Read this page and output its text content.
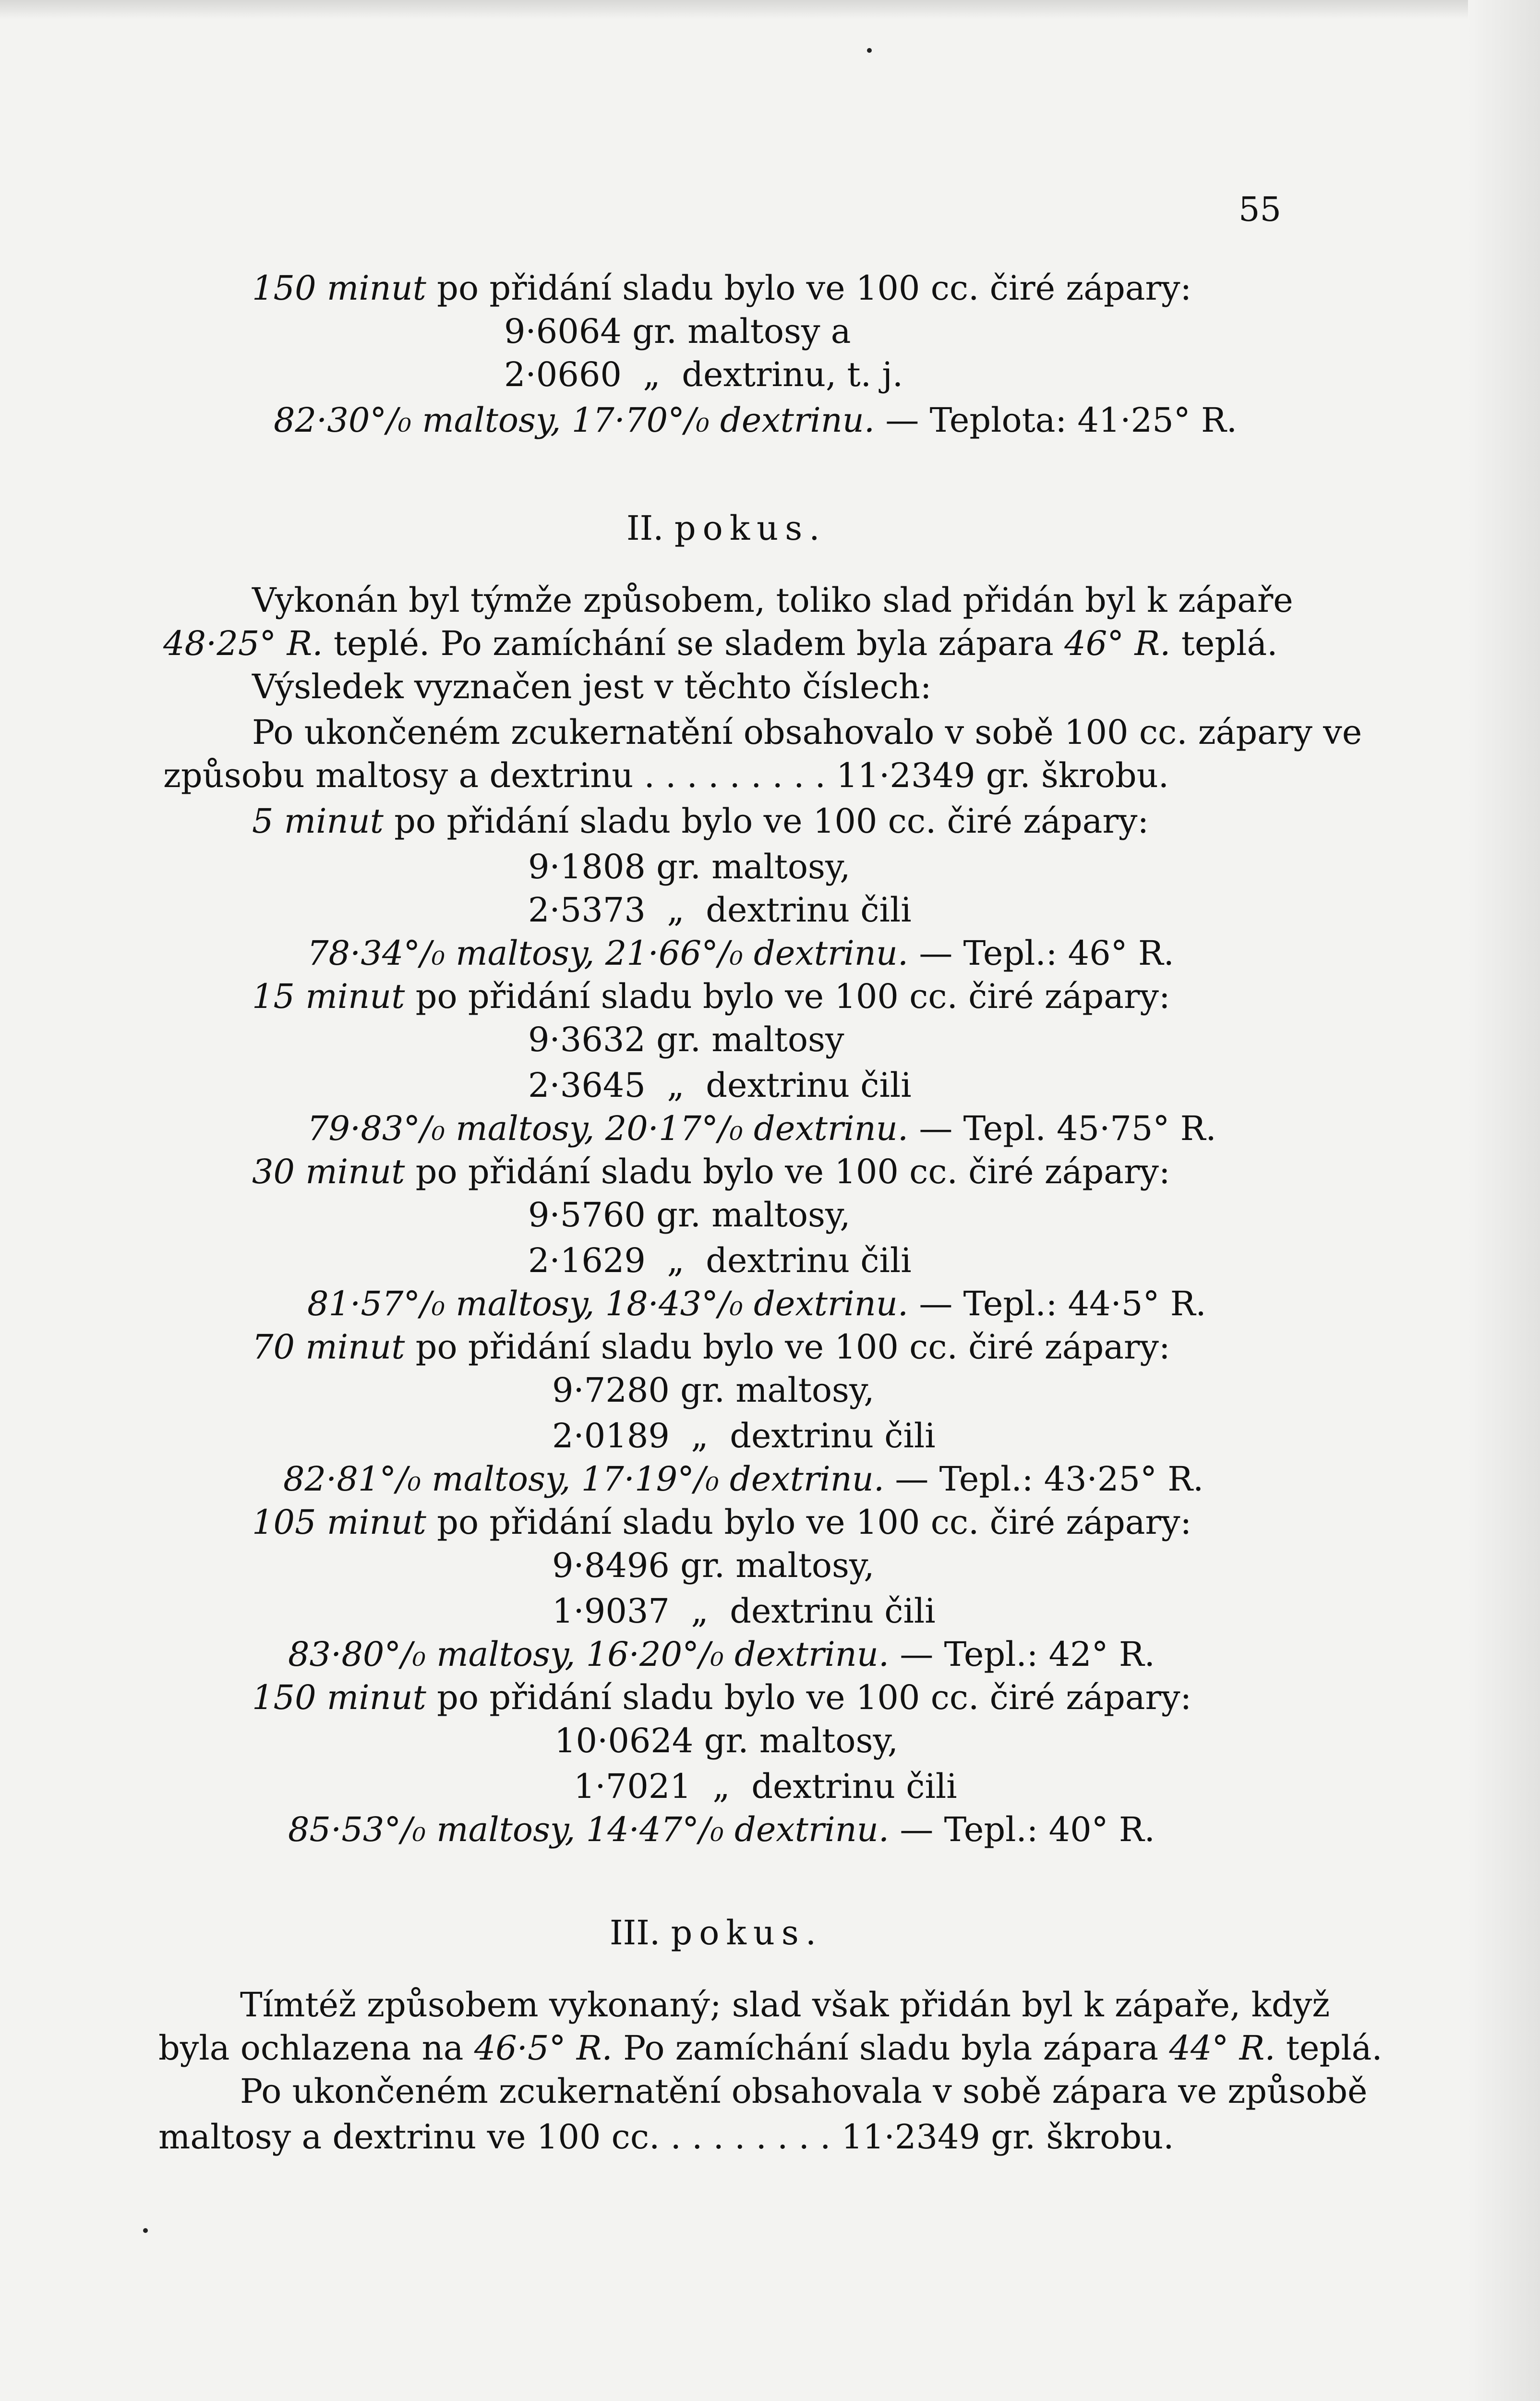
55
150 minut po přidání sladu bylo ve 100 cc. čiré zápary:
9·6064 gr. maltosy a
2·0660  „  dextrinu, t. j.
82·30°/₀ maltosy, 17·70°/₀ dextrinu. — Teplota: 41·25° R.
II. pokus.
Vykonán byl týmže způsobem, toliko slad přidán byl k zápaře
48·25° R. teplé. Po zamíchání se sladem byla zápara 46° R. teplá.
Výsledek vyznačen jest v těchto číslech:
Po ukončeném zcukernatění obsahovalo v sobě 100 cc. zápary ve
způsobu maltosy a dextrinu . . . . . . . . . 11·2349 gr. škrobu.
5 minut po přidání sladu bylo ve 100 cc. čiré zápary:
9·1808 gr. maltosy,
2·5373  „  dextrinu čili
78·34°/₀ maltosy, 21·66°/₀ dextrinu. — Tepl.: 46° R.
15 minut po přidání sladu bylo ve 100 cc. čiré zápary:
9·3632 gr. maltosy
2·3645  „  dextrinu čili
79·83°/₀ maltosy, 20·17°/₀ dextrinu. — Tepl. 45·75° R.
30 minut po přidání sladu bylo ve 100 cc. čiré zápary:
9·5760 gr. maltosy,
2·1629  „  dextrinu čili
81·57°/₀ maltosy, 18·43°/₀ dextrinu. — Tepl.: 44·5° R.
70 minut po přidání sladu bylo ve 100 cc. čiré zápary:
9·7280 gr. maltosy,
2·0189  „  dextrinu čili
82·81°/₀ maltosy, 17·19°/₀ dextrinu. — Tepl.: 43·25° R.
105 minut po přidání sladu bylo ve 100 cc. čiré zápary:
9·8496 gr. maltosy,
1·9037  „  dextrinu čili
83·80°/₀ maltosy, 16·20°/₀ dextrinu. — Tepl.: 42° R.
150 minut po přidání sladu bylo ve 100 cc. čiré zápary:
10·0624 gr. maltosy,
1·7021  „  dextrinu čili
85·53°/₀ maltosy, 14·47°/₀ dextrinu. — Tepl.: 40° R.
III. pokus.
Tímtéž způsobem vykonaný; slad však přidán byl k zápaře, když
byla ochlazena na 46·5° R. Po zamíchání sladu byla zápara 44° R. teplá.
Po ukončeném zcukernatění obsahovala v sobě zápara ve způsobě
maltosy a dextrinu ve 100 cc. . . . . . . . . 11·2349 gr. škrobu.
